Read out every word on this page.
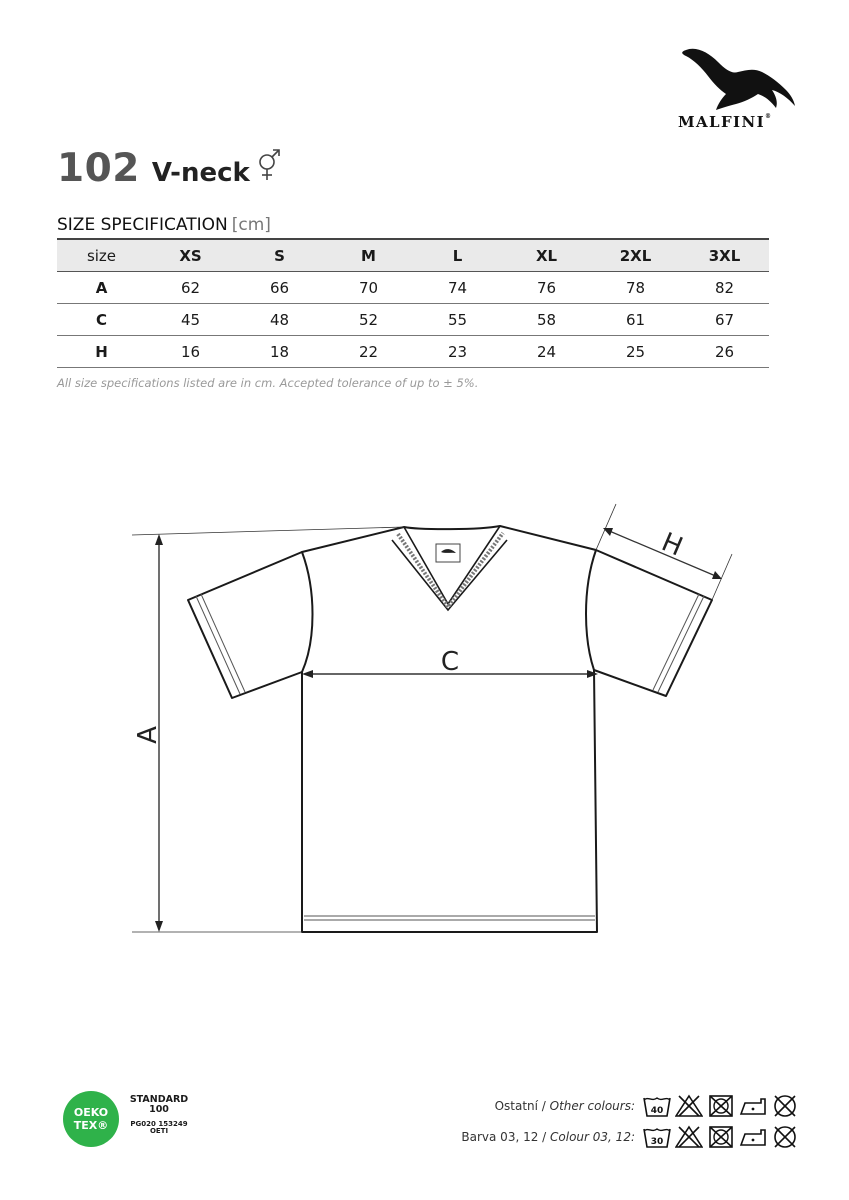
MALFINI®
102 V-neck
SIZE SPECIFICATION [cm]
size	XS	S	M	L	XL	2XL	3XL
A	62	66	70	74	76	78	82
C	45	48	52	55	58	61	67
H	16	18	22	23	24	25	26
All size specifications listed are in cm. Accepted tolerance of up to ± 5%.
A
C
H
OEKO
TEX®
STANDARD
100
PG020 153249
OETI
Ostatní / Other colours: 40
Barva 03, 12 / Colour 03, 12: 30
